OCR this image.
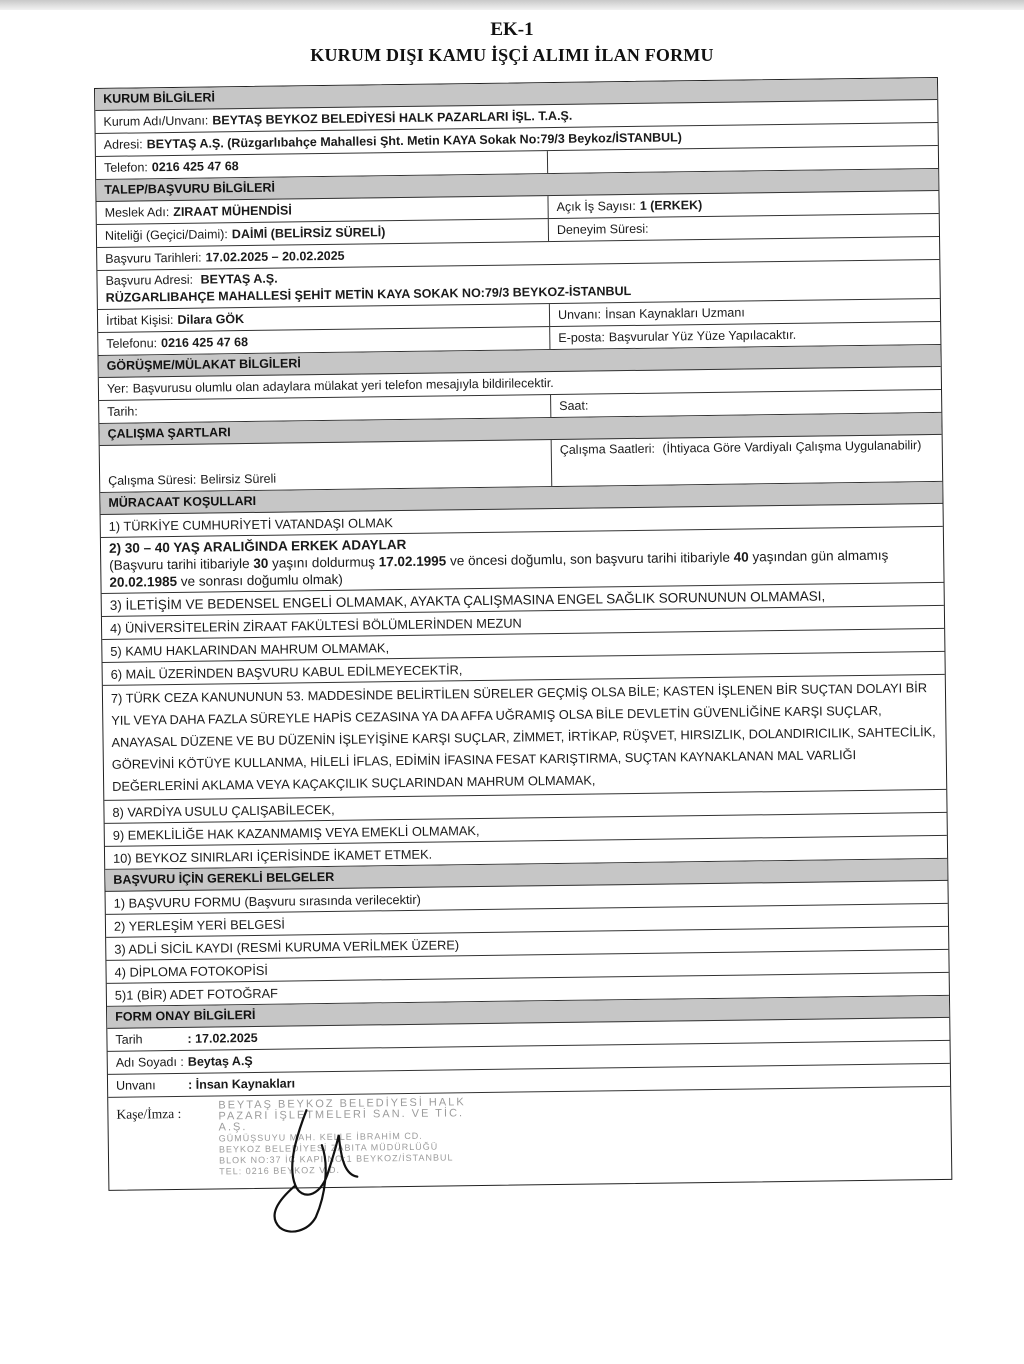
EK-1
KURUM DIŞI KAMU İŞÇİ ALIMI İLAN FORMU
KURUM BİLGİLERİ
Kurum Adı/Unvanı: BEYTAŞ BEYKOZ BELEDİYESİ HALK PAZARLARI İŞL. T.A.Ş.
Adresi: BEYTAŞ A.Ş. (Rüzgarlıbahçe Mahallesi Şht. Metin KAYA Sokak No:79/3 Beykoz/İSTANBUL)
Telefon: 0216 425 47 68
TALEP/BAŞVURU BİLGİLERİ
Meslek Adı: ZIRAAT MÜHENDİSİ	Açık İş Sayısı: 1 (ERKEK)
Niteliği (Geçici/Daimi): DAİMİ (BELİRSİZ SÜRELİ)	Deneyim Süresi:
Başvuru Tarihleri: 17.02.2025 – 20.02.2025
Başvuru Adresi: BEYTAŞ A.Ş.
RÜZGARLIBAHÇE MAHALLESİ ŞEHİT METİN KAYA SOKAK NO:79/3 BEYKOZ-İSTANBUL
İrtibat Kişisi: Dilara GÖK	Unvanı: İnsan Kaynakları Uzmanı
Telefonu: 0216 425 47 68	E-posta: Başvurular Yüz Yüze Yapılacaktır.
GÖRÜŞME/MÜLAKAT BİLGİLERİ
Yer: Başvurusu olumlu olan adaylara mülakat yeri telefon mesajıyla bildirilecektir.
Tarih:	Saat:
ÇALIŞMA ŞARTLARI
Çalışma Süresi: Belirsiz Süreli
Çalışma Saatleri: (İhtiyaca Göre Vardiyalı Çalışma Uygulanabilir)
MÜRACAAT KOŞULLARI
1) TÜRKİYE CUMHURİYETİ VATANDAŞI OLMAK
2) 30 – 40 YAŞ ARALIĞINDA ERKEK ADAYLAR
(Başvuru tarihi itibariyle 30 yaşını doldurmuş 17.02.1995 ve öncesi doğumlu, son başvuru tarihi itibariyle 40 yaşından gün almamış 20.02.1985 ve sonrası doğumlu olmak)
3) İLETİŞİM VE BEDENSEL ENGELİ OLMAMAK, AYAKTA ÇALIŞMASINA ENGEL SAĞLIK SORUNUNUN OLMAMASI,
4) ÜNİVERSİTELERİN ZİRAAT FAKÜLTESİ BÖLÜMLERİNDEN MEZUN
5) KAMU HAKLARINDAN MAHRUM OLMAMAK,
6) MAİL ÜZERİNDEN BAŞVURU KABUL EDİLMEYECEKTİR,
7) TÜRK CEZA KANUNUNUN 53. MADDESİNDE BELİRTİLEN SÜRELER GEÇMİŞ OLSA BİLE; KASTEN İŞLENEN BİR SUÇTAN DOLAYI BİR YIL VEYA DAHA FAZLA SÜREYLE HAPİS CEZASINA YA DA AFFA UĞRAMIŞ OLSA BİLE DEVLETİN GÜVENLİĞİNE KARŞI SUÇLAR, ANAYASAL DÜZENE VE BU DÜZENİN İŞLEYİŞİNE KARŞI SUÇLAR, ZİMMET, İRTİKAP, RÜŞVET, HIRSIZLIK, DOLANDIRICILIK, SAHTECİLİK, GÖREVİNİ KÖTÜYE KULLANMA, HİLELİ İFLAS, EDİMİN İFASINA FESAT KARIŞTIRMA, SUÇTAN KAYNAKLANAN MAL VARLIĞI DEĞERLERİNİ AKLAMA VEYA KAÇAKÇILIK SUÇLARINDAN MAHRUM OLMAMAK,
8) VARDİYA USULU ÇALIŞABİLECEK,
9) EMEKLİLİĞE HAK KAZANMAMIŞ VEYA EMEKLİ OLMAMAK,
10) BEYKOZ SINIRLARI İÇERİSİNDE İKAMET ETMEK.
BAŞVURU İÇİN GEREKLİ BELGELER
1) BAŞVURU FORMU (Başvuru sırasında verilecektir)
2) YERLEŞİM YERİ BELGESİ
3) ADLİ SİCİL KAYDI (RESMİ KURUMA VERİLMEK ÜZERE)
4) DİPLOMA FOTOKOPİSİ
5)1 (BİR) ADET FOTOĞRAF
FORM ONAY BİLGİLERİ
Tarih	: 17.02.2025
Adı Soyadı : Beytaş A.Ş
Unvanı	: İnsan Kaynakları
Kaşe/İmza :
BEYTAŞ BEYKOZ BELEDİYESİ HALK
PAZARI İŞLETMELERİ SAN. VE TİC. A.Ş.
GÜMÜŞSUYU MAH. KELLE İBRAHİM CD.
BEYKOZ BELEDİYESİ ZABITA MÜDÜRLÜĞÜ
BLOK NO:37 İÇ KAPI NO:1 BEYKOZ/İSTANBUL
TEL: 0216 BEYKOZ V.D.
